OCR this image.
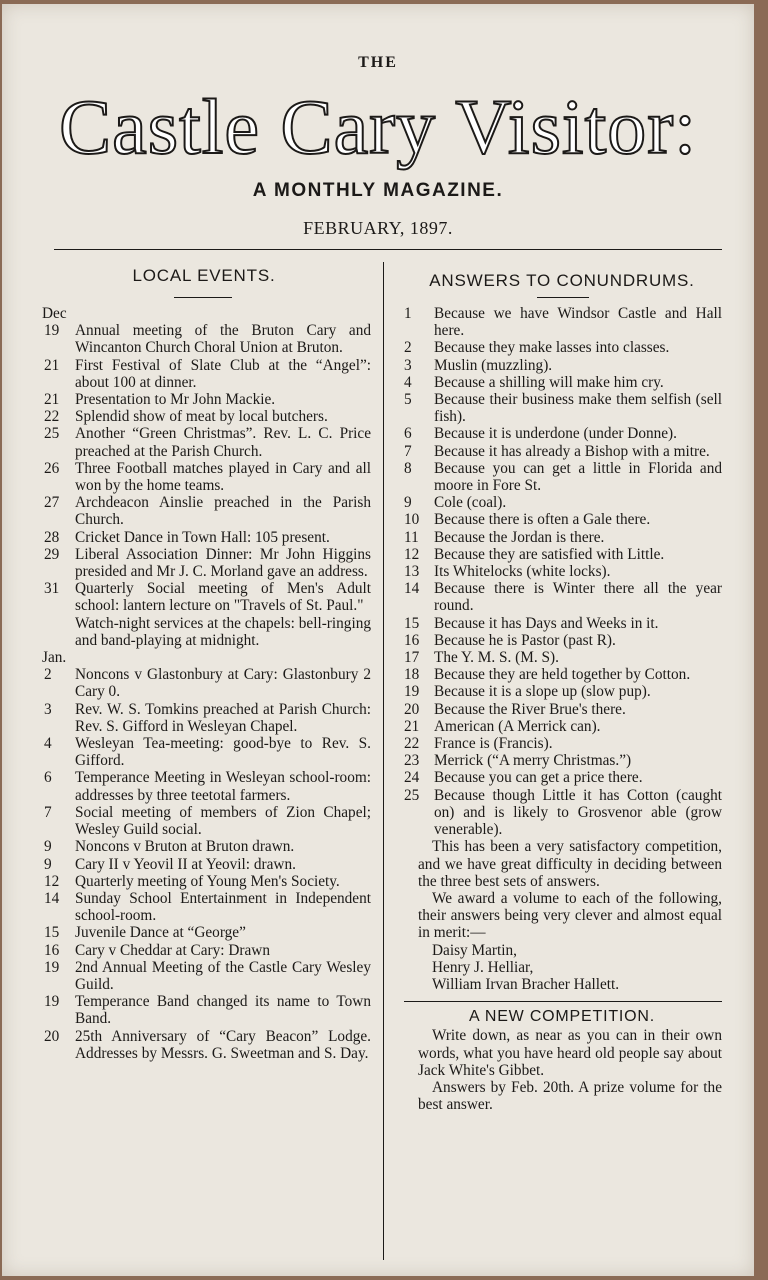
THE
Castle Cary Visitor:
A MONTHLY MAGAZINE.
FEBRUARY, 1897.
LOCAL EVENTS.
Dec
19	Annual meeting of the Bruton Cary and Wincanton Church Choral Union at Bruton.
21	First Festival of Slate Club at the “Angel”: about 100 at dinner.
21	Presentation to Mr John Mackie.
22	Splendid show of meat by local butchers.
25	Another “Green Christmas”. Rev. L. C. Price preached at the Parish Church.
26	Three Football matches played in Cary and all won by the home teams.
27	Archdeacon Ainslie preached in the Parish Church.
28	Cricket Dance in Town Hall: 105 present.
29	Liberal Association Dinner: Mr John Higgins presided and Mr J. C. Morland gave an address.
31	Quarterly Social meeting of Men's Adult school: lantern lecture on "Travels of St. Paul."
Watch-night services at the chapels: bell-ringing and band-playing at midnight.
Jan.
2	Noncons v Glastonbury at Cary: Glastonbury 2 Cary 0.
3	Rev. W. S. Tomkins preached at Parish Church: Rev. S. Gifford in Wesleyan Chapel.
4	Wesleyan Tea-meeting: good-bye to Rev. S. Gifford.
6	Temperance Meeting in Wesleyan school-room: addresses by three teetotal farmers.
7	Social meeting of members of Zion Chapel; Wesley Guild social.
9	Noncons v Bruton at Bruton drawn.
9	Cary II v Yeovil II at Yeovil: drawn.
12	Quarterly meeting of Young Men's Society.
14	Sunday School Entertainment in Independent school-room.
15	Juvenile Dance at “George”
16	Cary v Cheddar at Cary: Drawn
19	2nd Annual Meeting of the Castle Cary Wesley Guild.
19	Temperance Band changed its name to Town Band.
20	25th Anniversary of “Cary Beacon” Lodge. Addresses by Messrs. G. Sweetman and S. Day.
ANSWERS TO CONUNDRUMS.
1	Because we have Windsor Castle and Hall here.
2	Because they make lasses into classes.
3	Muslin (muzzling).
4	Because a shilling will make him cry.
5	Because their business make them selfish (sell fish).
6	Because it is underdone (under Donne).
7	Because it has already a Bishop with a mitre.
8	Because you can get a little in Florida and moore in Fore St.
9	Cole (coal).
10 Because there is often a Gale there.
11 Because the Jordan is there.
12 Because they are satisfied with Little.
13 Its Whitelocks (white locks).
14 Because there is Winter there all the year round.
15 Because it has Days and Weeks in it.
16 Because he is Pastor (past R).
17 The Y. M. S. (M. S).
18 Because they are held together by Cotton.
19 Because it is a slope up (slow pup).
20 Because the River Brue's there.
21 American (A Merrick can).
22 France is (Francis).
23 Merrick (“A merry Christmas.”)
24 Because you can get a price there.
25 Because though Little it has Cotton (caught on) and is likely to Grosvenor able (grow venerable).
This has been a very satisfactory competition, and we have great difficulty in deciding between the three best sets of answers.
We award a volume to each of the following, their answers being very clever and almost equal in merit:—
Daisy Martin,
Henry J. Helliar,
William Irvan Bracher Hallett.
A NEW COMPETITION.
Write down, as near as you can in their own words, what you have heard old people say about Jack White's Gibbet.
Answers by Feb. 20th. A prize volume for the best answer.
